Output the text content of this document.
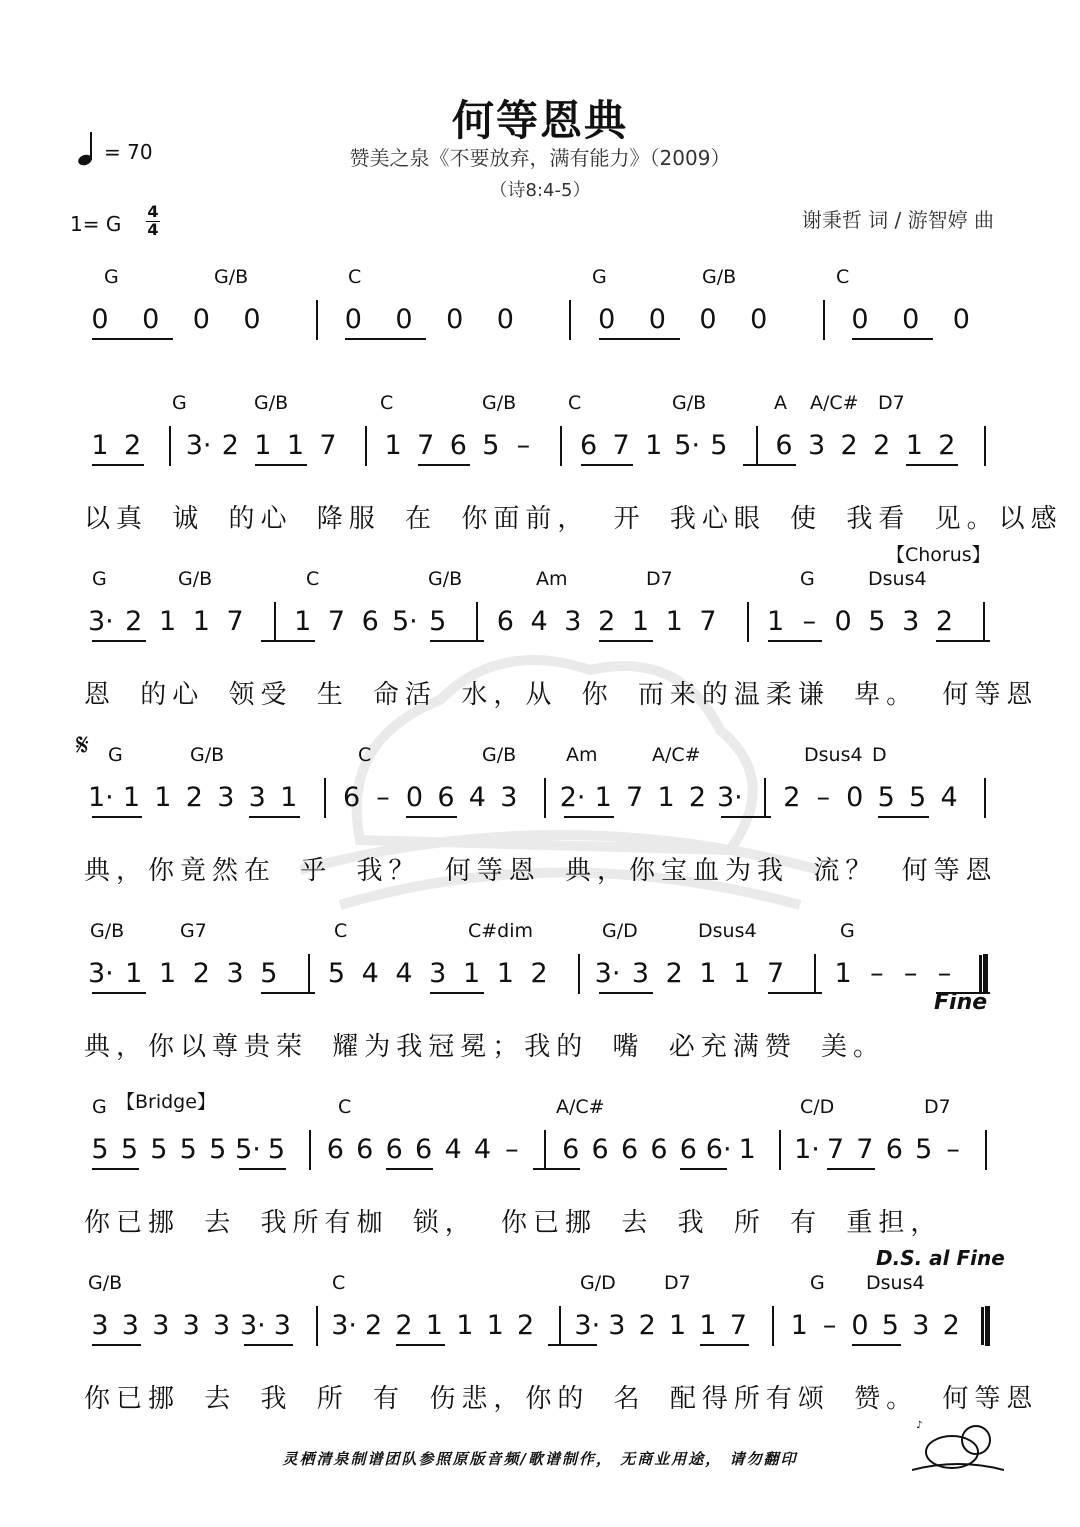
何等恩典
赞美之泉《不要放弃，满有能力》（2009）
（诗8:4-5）
= 70
1= G
4
4	谢秉哲 词 / 游智婷 曲
G	G/B	C	G	G/B	C
0 0 0 0	0 0 0 0	0 0 0 0	0 0 0
G	G/B	C	G/B	C	G/B	A A/C# D7
1 2 3· 2 1 1 7 1 7 6 5 – 6 7 1 5· 5 6 3 2 2 1 2
以真 诚 的心 降服 在 你面前， 开 我心眼 使 我看 见。以感
G	G/B	C	G/B	Am	D7	G	Dsus4
3· 2 1 1 7 1 7 6 5· 5 6 4 3 2 1 1 7 1 – 0 5 3 2
恩 的心 领受 生 命活 水，从 你 而来的温柔谦 卑。 何等恩
G	G/B	C	G/B	Am	A/C#	Dsus4 D
1· 1 1 2 3 3 1 6 – 0 6 4 3 2· 1 7 1 2 3· 2 – 0 5 5 4
典，你竟然在 乎 我？ 何等恩 典，你宝血为我 流？ 何等恩
G/B	G7	C	C#dim	G/D	Dsus4	G
3· 1 1 2 3 5 5 4 4 3 1 1 2 3· 3 2 1 1 7 1 – – –
典，你以尊贵荣 耀为我冠冕；我的 嘴 必充满赞 美。
G	C	A/C#	C/D	D7
5 5 5 5 5 5· 5 6 6 6 6 4 4 – 6 6 6 6 6 6· 1 1· 7 7 6 5 –
你已挪 去 我所有枷 锁， 你已挪 去 我 所 有 重担，
G/B	C	G/D	D7	G Dsus4
3 3 3 3 3 3· 3 3· 2 2 1 1 1 2 3· 3 2 1 1 7 1 – 0 5 3 2
你已挪 去 我 所 有 伤悲，你的 名 配得所有颂 赞。 何等恩
【Chorus】
【Bridge】
Fine
D.S. al Fine
𝄋
灵栖清泉制谱团队参照原版音频/歌谱制作， 无商业用途， 请勿翻印
♪
